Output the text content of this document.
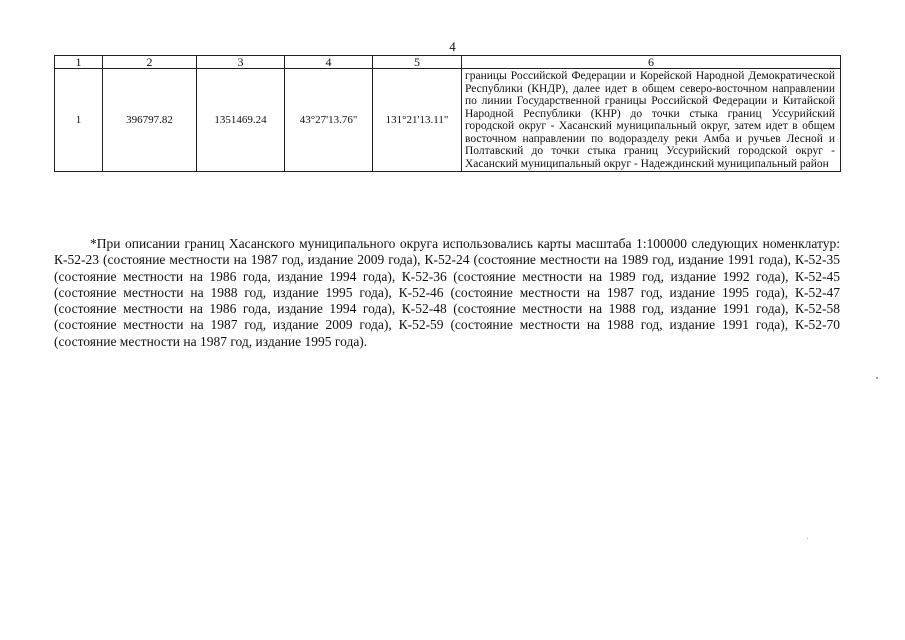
4
1	2	3	4	5	6
1	396797.82	1351469.24	43°27'13.76"	131°21'13.11"	границы Российской Федерации и Корейской Народной Демократической Республики (КНДР), далее идет в общем северо-восточном направлении по линии Государственной границы Российской Федерации и Китайской Народной Республики (КНР) до точки стыка границ Уссурийский городской округ - Хасанский муниципальный округ, затем идет в общем восточном направлении по водоразделу реки Амба и ручьев Лесной и Полтавский до точки стыка границ Уссурийский городской округ - Хасанский муниципальный округ - Надеждинский муниципальный район

*При описании границ Хасанского муниципального округа использовались карты масштаба 1:100000 следующих номенклатур: К-52-23 (состояние местности на 1987 год, издание 2009 года), К-52-24 (состояние местности на 1989 год, издание 1991 года), К-52-35 (состояние местности на 1986 года, издание 1994 года), К-52-36 (состояние местности на 1989 год, издание 1992 года), К-52-45 (состояние местности на 1988 год, издание 1995 года), К-52-46 (состояние местности на 1987 год, издание 1995 года), К-52-47 (состояние местности на 1986 года, издание 1994 года), К-52-48 (состояние местности на 1988 год, издание 1991 года), К-52-58 (состояние местности на 1987 год, издание 2009 года), К-52-59 (состояние местности на 1988 год, издание 1991 года), К-52-70 (состояние местности на 1987 год, издание 1995 года).
